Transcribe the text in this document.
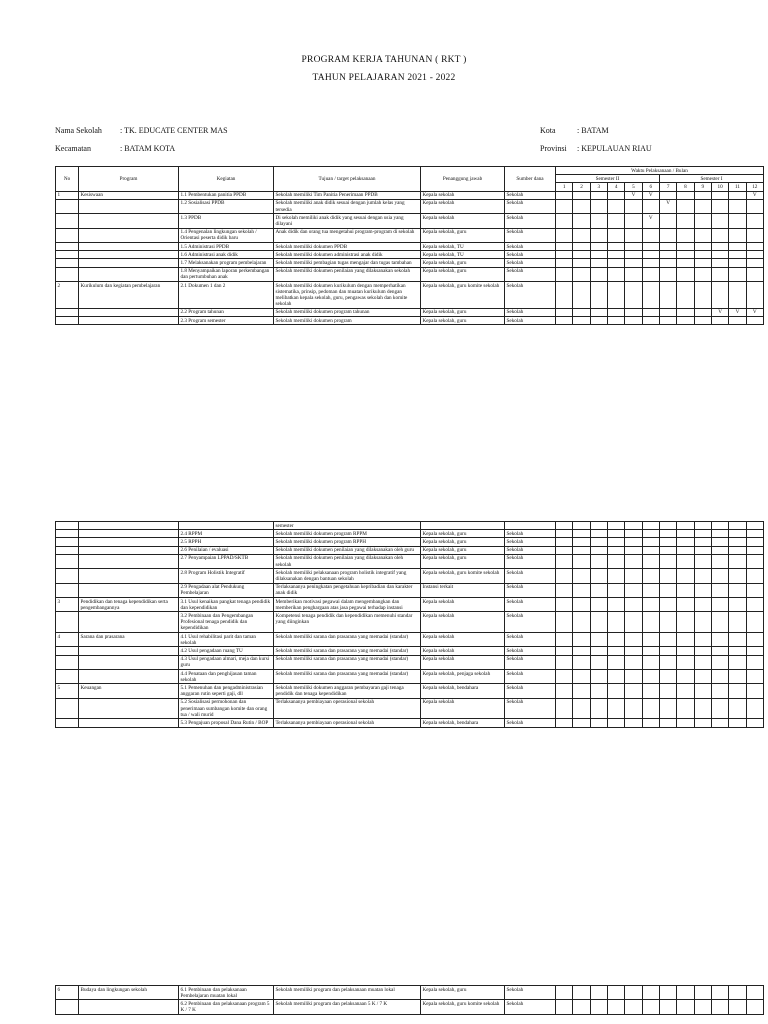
PROGRAM KERJA TAHUNAN ( RKT )
TAHUN PELAJARAN 2021 - 2022
Nama Sekolah : TK. EDUCATE CENTER MAS	Kota	: BATAM
Kecamatan	: BATAM KOTA	Provinsi : KEPULAUAN RIAU
No	Program	Kegiatan	Tujuan / target pelaksanaan	Penanggung jawab	Sumber dana	Waktu Pelaksanaan / Bulan											
						Semester II						Semester I					
						1	2	3	4	5	6	7	8	9	10	11	12
1	Kesiswaan	1.1 Pembentukan panitia PPDB	Sekolah memiliki Tim Panitia Penerimaan PPDB	Kepala sekolah	Sekolah					V	V						V
		1.2 Sosialisasi PPDB	Sekolah memiliki anak didik sesuai dengan jumlah kelas yang tersedia	Kepala sekolah	Sekolah							V					
		1.3 PPDB	Di sekolah memiliki anak didik yang sesuai dengan usia yang dilayani	Kepala sekolah	Sekolah						V						
		1.4 Pengenalan lingkungan sekolah / Orientasi peserta didik baru	Anak didik dan orang tua mengetahui program-program di sekolah	Kepala sekolah, guru	Sekolah												
		1.5 Administrasi PPDB	Sekolah memiliki dokumen PPDB	Kepala sekolah, TU	Sekolah												
		1.6 Administrasi anak didik	Sekolah memiliki dokumen administrasi anak didik	Kepala sekolah, TU	Sekolah												
		1.7 Melaksanakan program pembelajaran	Sekolah memiliki pembagian tugas mengajar dan tugas tambahan	Kepala sekolah, guru	Sekolah												
		1.8 Menyampaikan laporan perkembangan dan pertumbuhan anak	Sekolah memiliki dokumen penilaian yang dilaksanakan sekolah	Kepala sekolah, guru	Sekolah												
2	Kurikulum dan kegiatan pembelajaran	2.1 Dokumen 1 dan 2	Sekolah memiliki dokumen kurikulum dengan memperhatikan sistematika, prinsip, pedoman dan muatan kurikulum dengan melibatkan kepala sekolah, guru, pengawas sekolah dan komite sekolah	Kepala sekolah, guru komite sekolah	Sekolah												
		2.2 Program tahunan	Sekolah memiliki dokumen program tahunan	Kepala sekolah, guru	Sekolah										V	V	V
		2.3 Program semester	Sekolah memiliki dokumen program	Kepala sekolah, guru	Sekolah												
			semester														
		2.4 RPPM	Sekolah memiliki dokumen program RPPM	Kepala sekolah, guru	Sekolah												
		2.5 RPPH	Sekolah memiliki dokumen program RPPH	Kepala sekolah, guru	Sekolah												
		2.6 Penilaian / evaluasi	Sekolah memiliki dokumen penilaian yang dilaksanakan oleh guru	Kepala sekolah, guru	Sekolah												
		2.7 Penyampaian LPPAD/SKTB	Sekolah memiliki dokumen penilaian yang dilaksanakan oleh sekolah	Kepala sekolah, guru	Sekolah												
		2.8 Program Holistik Integratif	Sekolah memiliki pelaksanaan program holistik integratif yang dilaksanakan dengan bantuan sekolah	Kepala sekolah, guru komite sekolah	Sekolah												
		2.9 Pengadaan alat Pendukung Pembelajaran	Terlaksananya peningkatan pengetahuan kepribadian dan karakter anak didik	Instansi terkait	Sekolah												
3	Pendidikan dan tenaga kependidikan serta pengembangannya	3.1 Usul kenaikan pangkat tenaga pendidik dan kependidikan	Memberikan motivasi pegawai dalam mengembangkan dan memberikan penghargaan atas jasa pegawai terhadap instansi	Kepala sekolah	Sekolah												
		3.2 Pembinaan dan Pengembangan Profesional tenaga pendidik dan kependidikan	Kompetensi tenaga pendidik dan kependidikan memenuhi standar yang diinginkan	Kepala sekolah	Sekolah												
4	Sarana dan prasarana	4.1 Usul rehabilitasi parit dan taman sekolah	Sekolah memiliki sarana dan prasarana yang memadai (standar)	Kepala sekolah	Sekolah												
		4.2 Usul pengadaan ruang TU	Sekolah memiliki sarana dan prasarana yang memadai (standar)	Kepala sekolah	Sekolah												
		4.3 Usul pengadaan almari, meja dan kursi guru	Sekolah memiliki sarana dan prasarana yang memadai (standar)	Kepala sekolah	Sekolah												
		4.4 Penataan dan penghijauan taman sekolah	Sekolah memiliki sarana dan prasarana yang memadai (standar)	Kepala sekolah, penjaga sekolah	Sekolah												
5	Keuangan	5.1 Pemenuhan dan pengadministrasian anggaran rutin seperti gaji, dll	Sekolah memiliki dokumen anggaran pembayaran gaji tenaga pendidik dan tenaga kependidikan	Kepala sekolah, bendahara	Sekolah												
		5.2 Sosialisasi permohonan dan penerimaan sumbangan komite dan orang tua / wali murid	Terlaksananya pembiayaan operasional sekolah	Kepala sekolah	Sekolah												
		5.3 Pengajuan proposal Dana Rutin / BOP	Terlaksananya pembiayaan operasional sekolah	Kepala sekolah, bendahara	Sekolah												
6	Budaya dan lingkungan sekolah	6.1 Pembinaan dan pelaksanaan Pembelajaran muatan lokal	Sekolah memiliki program dan pelaksanaan muatan lokal	Kepala sekolah, guru	Sekolah												
		6.2 Pembinaan dan pelaksanaan program 5 K / 7 K	Sekolah memiliki program dan pelaksanaan 5 K / 7 K	Kepala sekolah, guru komite sekolah	Sekolah												
